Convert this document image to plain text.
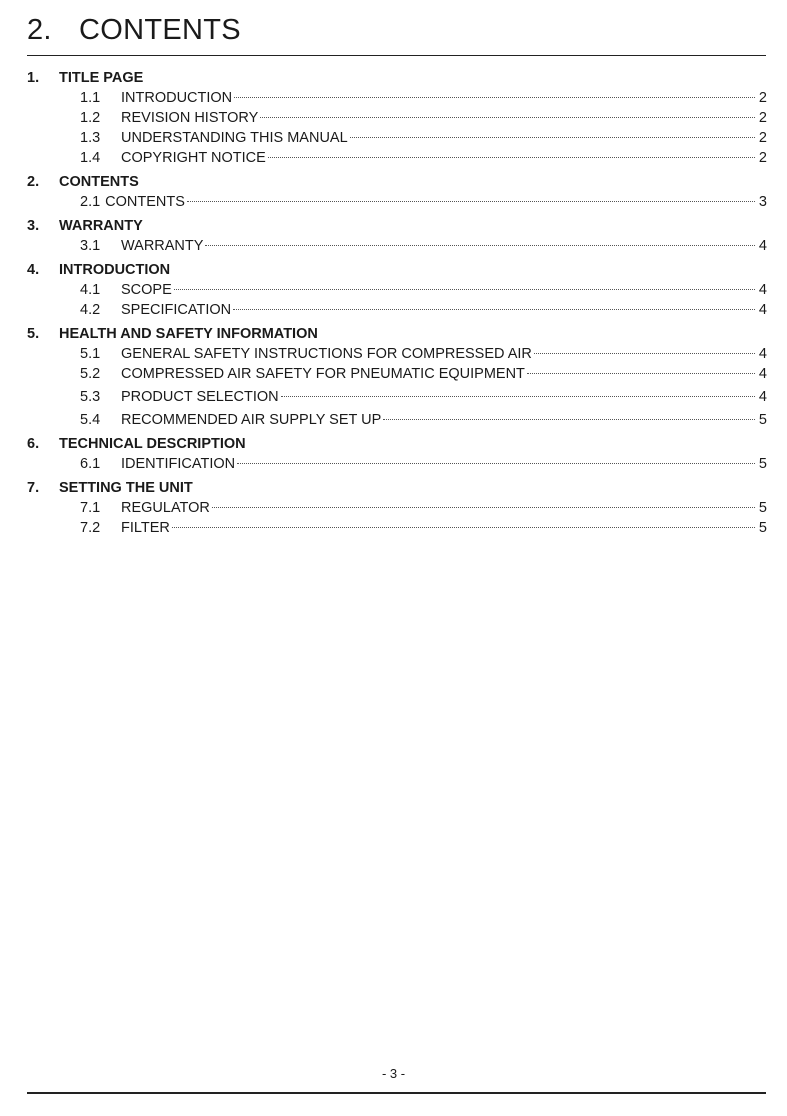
2. CONTENTS
1.	TITLE PAGE
1.1	INTRODUCTION	2
1.2	REVISION HISTORY	2
1.3	UNDERSTANDING THIS MANUAL	2
1.4	COPYRIGHT NOTICE	2
2.	CONTENTS
2.1 CONTENTS	3
3.	WARRANTY
3.1	WARRANTY	4
4.	INTRODUCTION
4.1	SCOPE	4
4.2	SPECIFICATION	4
5.	HEALTH AND SAFETY INFORMATION
5.1	GENERAL SAFETY INSTRUCTIONS FOR COMPRESSED AIR	4
5.2	COMPRESSED AIR SAFETY FOR PNEUMATIC EQUIPMENT	4
5.3	PRODUCT SELECTION	4
5.4	RECOMMENDED AIR SUPPLY SET UP	5
6.	TECHNICAL DESCRIPTION
6.1	IDENTIFICATION	5
7.	SETTING THE UNIT
7.1	REGULATOR	5
7.2	FILTER	5
- 3 -
